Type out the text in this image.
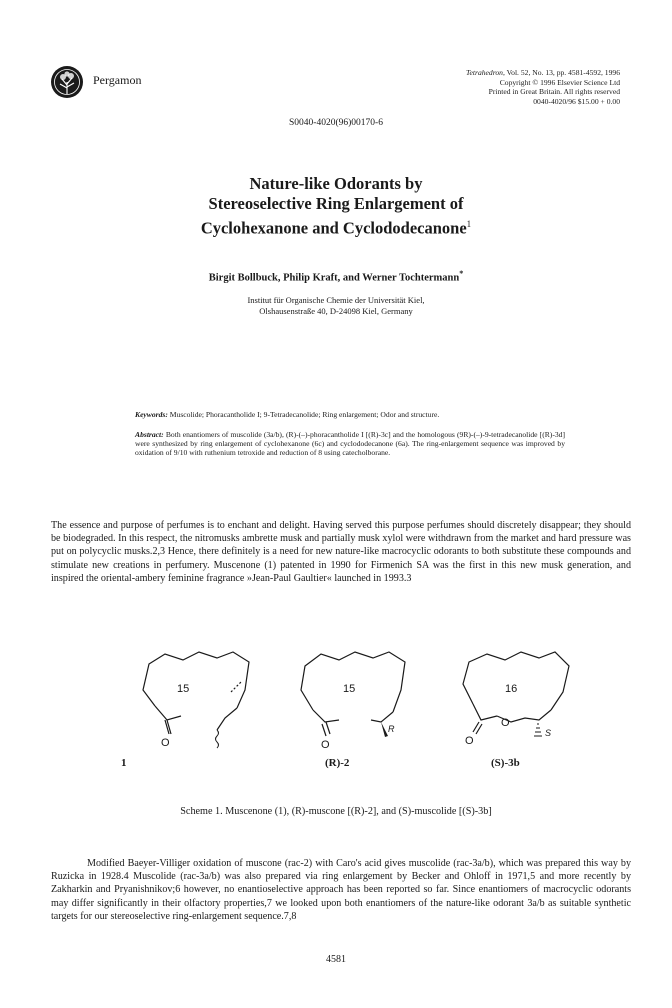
Pergamon
Tetrahedron, Vol. 52, No. 13, pp. 4581-4592, 1996
Copyright © 1996 Elsevier Science Ltd
Printed in Great Britain. All rights reserved
0040-4020/96 $15.00 + 0.00
S0040-4020(96)00170-6
Nature-like Odorants by
Stereoselective Ring Enlargement of
Cyclohexanone and Cyclododecanone$^1$
Birgit Bollbuck, Philip Kraft, and Werner Tochtermann*
Institut für Organische Chemie der Universität Kiel,
Olshausenstraße 40, D-24098 Kiel, Germany
Keywords: Muscolide; Phoracantholide I; 9-Tetradecanolide; Ring enlargement; Odor and structure.
Abstract: Both enantiomers of muscolide (3a/b), (R)-(–)-phoracantholide I [(R)-3c] and the homologous (9R)-(–)-9-tetradecanolide [(R)-3d] were synthesized by ring enlargement of cyclohexanone (6c) and cyclododecanone (6a). The ring-enlargement sequence was improved by oxidation of 9/10 with ruthenium tetroxide and reduction of 8 using catecholborane.
The essence and purpose of perfumes is to enchant and delight. Having served this purpose perfumes should discretely disappear; they should be biodegraded. In this respect, the nitromusks ambrette musk and partially musk xylol were withdrawn from the market and hard pressure was put on polycyclic musks.2,3 Hence, there definitely is a need for new nature-like macrocyclic odorants to both substitute these compounds and stimulate new creations in perfumery. Muscenone (1) patented in 1990 for Firmenich SA was the first in this new musk generation, and inspired the oriental-ambery feminine fragrance »Jean-Paul Gaultier« launched in 1993.3
15	15	16
O	O	O
O
R	S
1	(R)-2	(S)-3b
Scheme 1. Muscenone (1), (R)-muscone [(R)-2], and (S)-muscolide [(S)-3b]
Modified Baeyer-Villiger oxidation of muscone (rac-2) with Caro's acid gives muscolide (rac-3a/b), which was prepared this way by Ruzicka in 1928.4 Muscolide (rac-3a/b) was also prepared via ring enlargement by Becker and Ohloff in 1971,5 and more recently by Zakharkin and Pryanishnikov;6 however, no enantioselective approach has been reported so far. Since enantiomers of macrocyclic odorants may differ significantly in their olfactory properties,7 we looked upon both enantiomers of the nature-like odorant 3a/b as suitable synthetic targets for our stereoselective ring-enlargement sequence.7,8
4581
